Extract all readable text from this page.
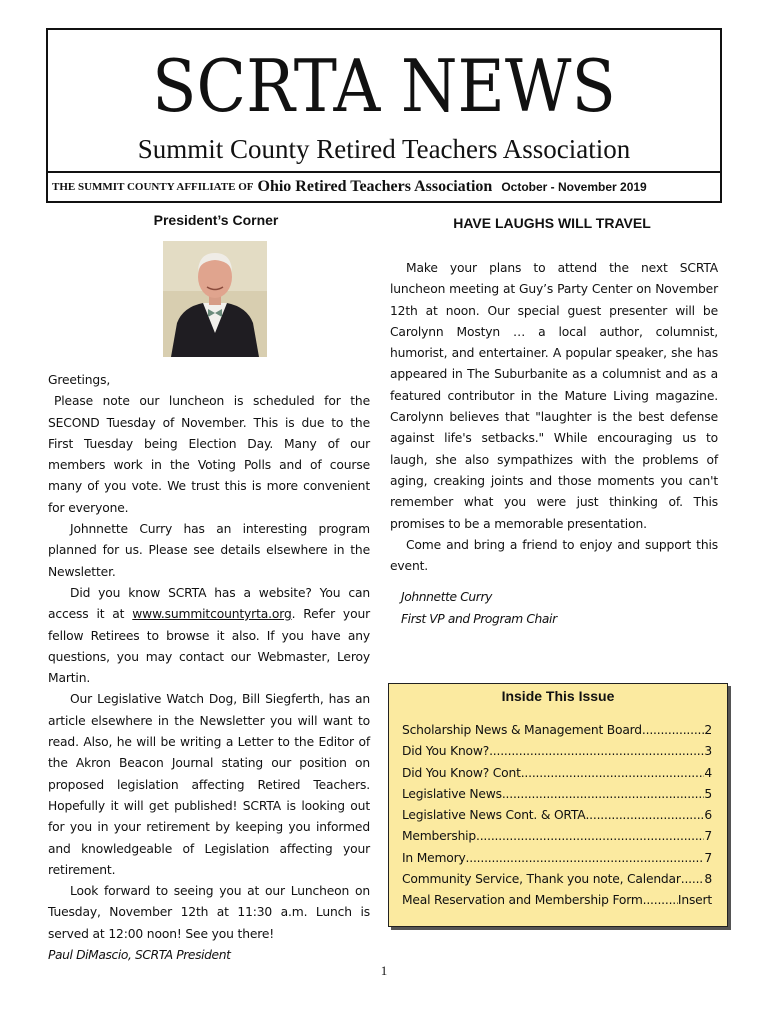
SCRTA NEWS
Summit County Retired Teachers Association
THE SUMMIT COUNTY AFFILIATE OF Ohio Retired Teachers Association October - November 2019
President’s Corner	HAVE LAUGHS WILL TRAVEL

Greetings,

Please note our luncheon is scheduled for the SECOND Tuesday of November. This is due to the First Tuesday being Election Day. Many of our members work in the Voting Polls and of course many of you vote. We trust this is more convenient for everyone.

Johnnette Curry has an interesting program planned for us. Please see details elsewhere in the Newsletter.

Did you know SCRTA has a website? You can access it at www.summitcountyrta.org. Refer your fellow Retirees to browse it also. If you have any questions, you may contact our Webmaster, Leroy Martin.

Our Legislative Watch Dog, Bill Siegferth, has an article elsewhere in the Newsletter you will want to read. Also, he will be writing a Letter to the Editor of the Akron Beacon Journal stating our position on proposed legislation affecting Retired Teachers. Hopefully it will get published! SCRTA is looking out for you in your retirement by keeping you informed and knowledgeable of Legislation affecting your retirement.

Look forward to seeing you at our Luncheon on Tuesday, November 12th at 11:30 a.m. Lunch is served at 12:00 noon! See you there!

Paul DiMascio, SCRTA President

Make your plans to attend the next SCRTA luncheon meeting at Guy’s Party Center on November 12th at noon. Our special guest presenter will be Carolynn Mostyn … a local author, columnist, humorist, and entertainer. A popular speaker, she has appeared in The Suburbanite as a columnist and as a featured contributor in the Mature Living magazine. Carolynn believes that "laughter is the best defense against life's setbacks." While encouraging us to laugh, she also sympathizes with the problems of aging, creaking joints and those moments you can't remember what you were just thinking of. This promises to be a memorable presentation.

Come and bring a friend to enjoy and support this event.

Johnnette Curry

First VP and Program Chair

Inside This Issue
Scholarship News & Management Board .....	2
Did You Know? .....	3
Did You Know? Cont .....	4
Legislative News .....	5
Legislative News Cont. & ORTA .....	6
Membership .....	7
In Memory .....	7
Community Service, Thank you note, Calendar ..... 8
Meal Reservation and Membership Form .....	Insert
1
